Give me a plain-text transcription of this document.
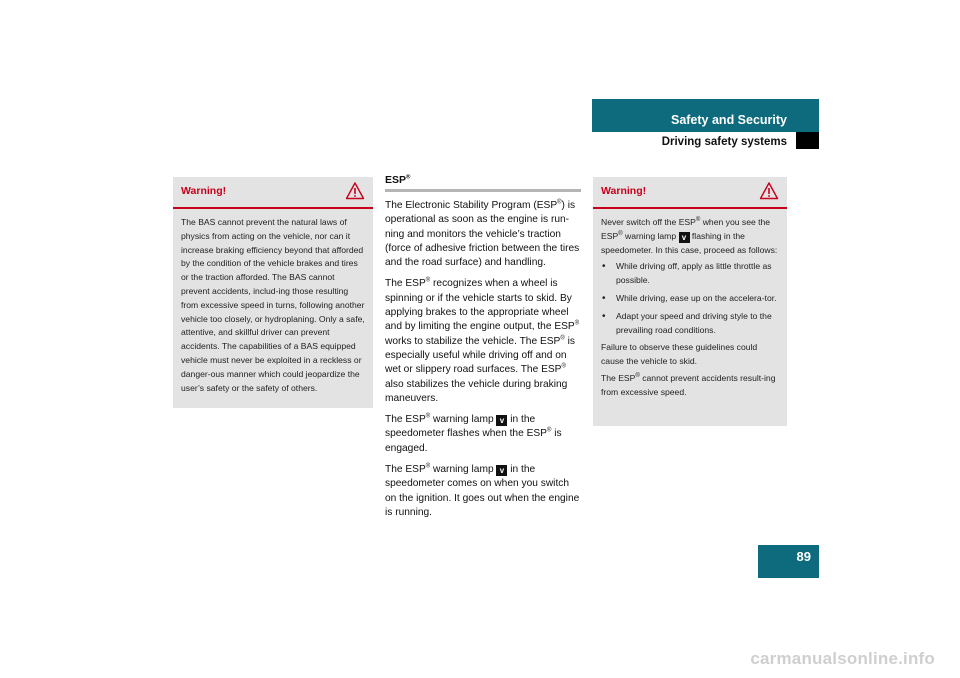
Safety and Security
Driving safety systems
Warning!

The BAS cannot prevent the natural laws of physics from acting on the vehicle, nor can it increase braking efficiency beyond that afforded by the condition of the vehicle brakes and tires or the traction afforded. The BAS cannot prevent accidents, includ-ing those resulting from excessive speed in turns, following another vehicle too closely, or hydroplaning. Only a safe, attentive, and skillful driver can prevent accidents. The capabilities of a BAS equipped vehicle must never be exploited in a reckless or danger-ous manner which could jeopardize the user’s safety or the safety of others.

ESP®

The Electronic Stability Program (ESP®) is operational as soon as the engine is run-ning and monitors the vehicle’s traction (force of adhesive friction between the tires and the road surface) and handling.

The ESP® recognizes when a wheel is spinning or if the vehicle starts to skid. By applying brakes to the appropriate wheel and by limiting the engine output, the ESP® works to stabilize the vehicle. The ESP® is especially useful while driving off and on wet or slippery road surfaces. The ESP® also stabilizes the vehicle during braking maneuvers.

The ESP® warning lamp v in the speedometer flashes when the ESP® is engaged.

The ESP® warning lamp v in the speedometer comes on when you switch on the ignition. It goes out when the engine is running.

Warning!

Never switch off the ESP® when you see the ESP® warning lamp v flashing in the speedometer. In this case, proceed as follows:

• While driving off, apply as little throttle as possible.
• While driving, ease up on the accelera-tor.
• Adapt your speed and driving style to the prevailing road conditions.

Failure to observe these guidelines could cause the vehicle to skid.

The ESP® cannot prevent accidents result-ing from excessive speed.

89
carmanualsonline.info
